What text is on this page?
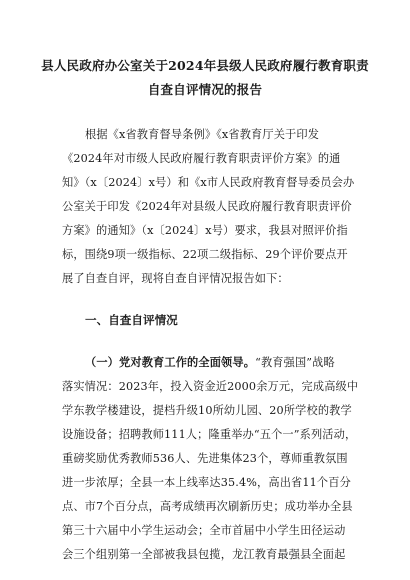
县人民政府办公室关于2024年县级人民政府履行教育职责
自查自评情况的报告
根据《x省教育督导条例》《x省教育厅关于印发
《2024年对市级人民政府履行教育职责评价方案》的通
知》（x〔2024〕x号）和《x市人民政府教育督导委员会办
公室关于印发《2024年对县级人民政府履行教育职责评价
方案》的通知》（x〔2024〕x号）要求，我县对照评价指
标，围绕9项一级指标、22项二级指标、29个评价要点开
展了自查自评，现将自查自评情况报告如下：
一、自查自评情况
（一）党对教育工作的全面领导。“教育强国”战略
落实情况：2023年，投入资金近2000余万元，完成高级中
学东教学楼建设，提档升级10所幼儿园、20所学校的教学
设施设备；招聘教师111人；隆重举办“五个一”系列活动，
重磅奖励优秀教师536人、先进集体23个，尊师重教氛围
进一步浓厚；全县一本上线率达35.4%，高出省11个百分
点、市7个百分点，高考成绩再次刷新历史；成功举办全县
第三十六届中小学生运动会；全市首届中小学生田径运动
会三个组别第一全部被我县包揽，龙江教育最强县全面起
